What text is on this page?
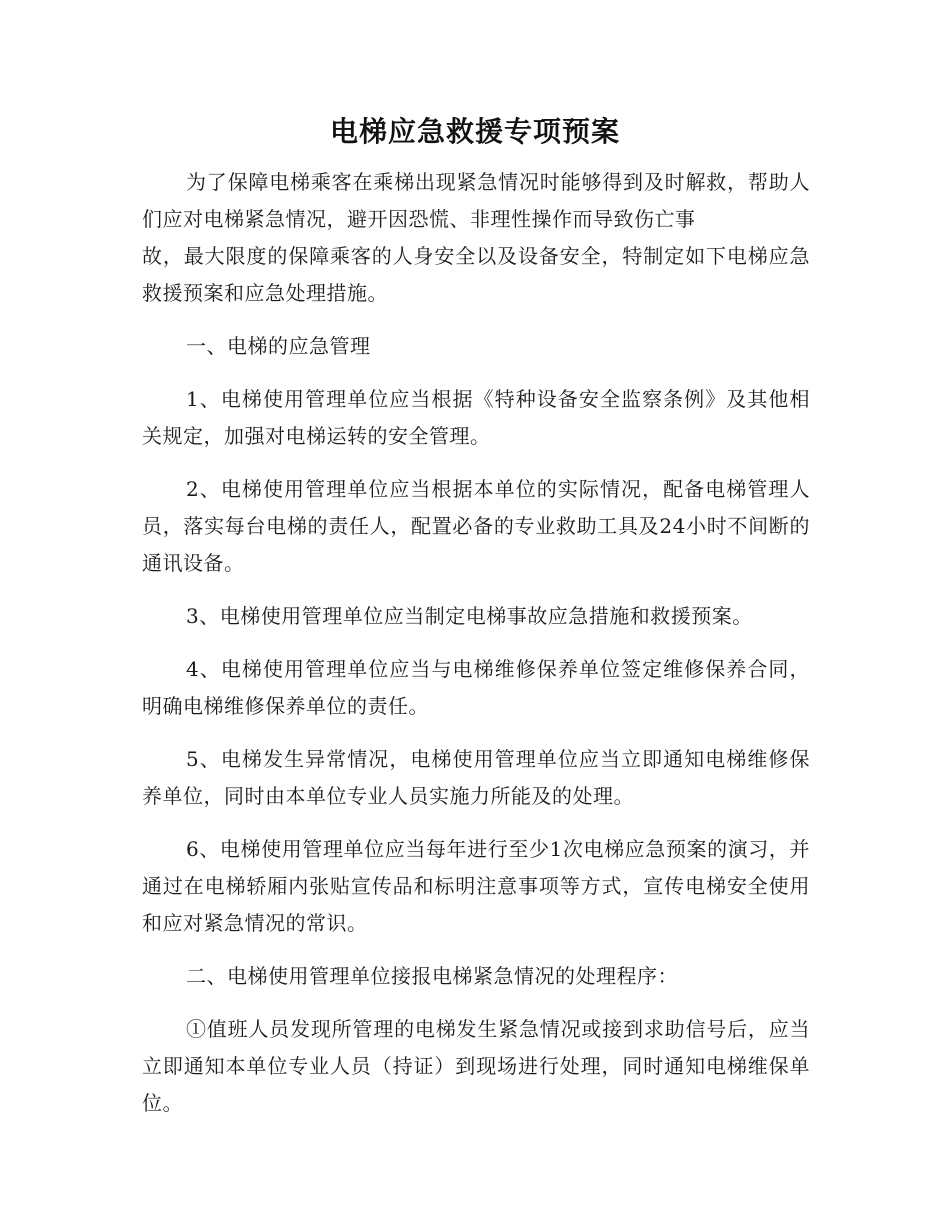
电梯应急救援专项预案

为了保障电梯乘客在乘梯出现紧急情况时能够得到及时解救，帮助人们应对电梯紧急情况，避开因恐慌、非理性操作而导致伤亡事
故，最大限度的保障乘客的人身安全以及设备安全，特制定如下电梯应急救援预案和应急处理措施。

一、电梯的应急管理

1、电梯使用管理单位应当根据《特种设备安全监察条例》及其他相关规定，加强对电梯运转的安全管理。

2、电梯使用管理单位应当根据本单位的实际情况，配备电梯管理人员，落实每台电梯的责任人，配置必备的专业救助工具及24小时不间断的通讯设备。

3、电梯使用管理单位应当制定电梯事故应急措施和救援预案。

4、电梯使用管理单位应当与电梯维修保养单位签定维修保养合同，明确电梯维修保养单位的责任。

5、电梯发生异常情况，电梯使用管理单位应当立即通知电梯维修保养单位，同时由本单位专业人员实施力所能及的处理。

6、电梯使用管理单位应当每年进行至少1次电梯应急预案的演习，并通过在电梯轿厢内张贴宣传品和标明注意事项等方式，宣传电梯安全使用和应对紧急情况的常识。

二、电梯使用管理单位接报电梯紧急情况的处理程序：

①值班人员发现所管理的电梯发生紧急情况或接到求助信号后，应当立即通知本单位专业人员（持证）到现场进行处理，同时通知电梯维保单位。
